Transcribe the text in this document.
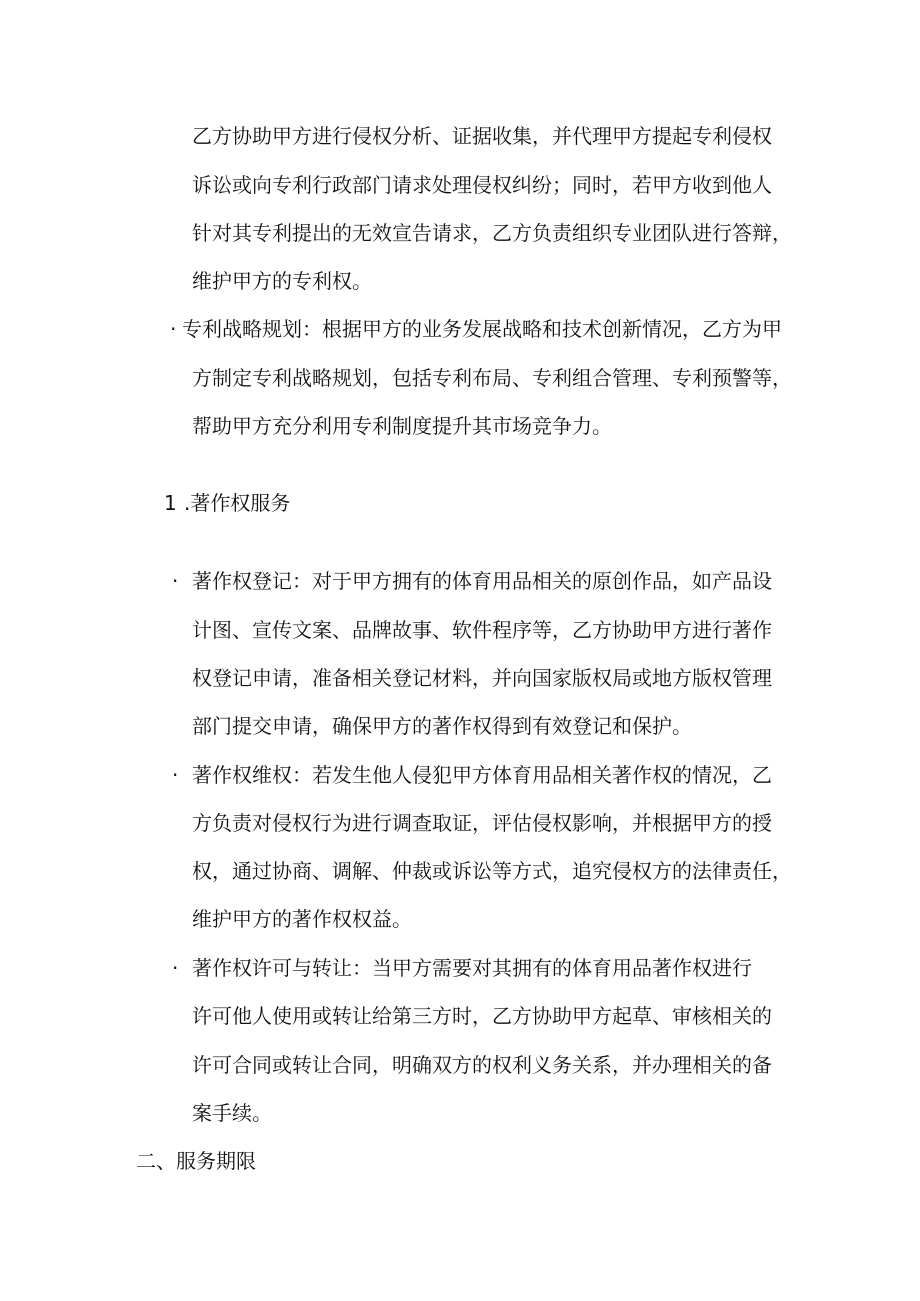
乙方协助甲方进行侵权分析、证据收集，并代理甲方提起专利侵权
诉讼或向专利行政部门请求处理侵权纠纷；同时，若甲方收到他人
针对其专利提出的无效宣告请求，乙方负责组织专业团队进行答辩，
维护甲方的专利权。
· 专利战略规划：根据甲方的业务发展战略和技术创新情况，乙方为甲
方制定专利战略规划，包括专利布局、专利组合管理、专利预警等，
帮助甲方充分利用专利制度提升其市场竞争力。
1 .著作权服务
· 著作权登记：对于甲方拥有的体育用品相关的原创作品，如产品设
计图、宣传文案、品牌故事、软件程序等，乙方协助甲方进行著作
权登记申请，准备相关登记材料，并向国家版权局或地方版权管理
部门提交申请，确保甲方的著作权得到有效登记和保护。
· 著作权维权：若发生他人侵犯甲方体育用品相关著作权的情况，乙
方负责对侵权行为进行调查取证，评估侵权影响，并根据甲方的授
权，通过协商、调解、仲裁或诉讼等方式，追究侵权方的法律责任，
维护甲方的著作权权益。
· 著作权许可与转让：当甲方需要对其拥有的体育用品著作权进行
许可他人使用或转让给第三方时，乙方协助甲方起草、审核相关的
许可合同或转让合同，明确双方的权利义务关系，并办理相关的备
案手续。
二、服务期限
